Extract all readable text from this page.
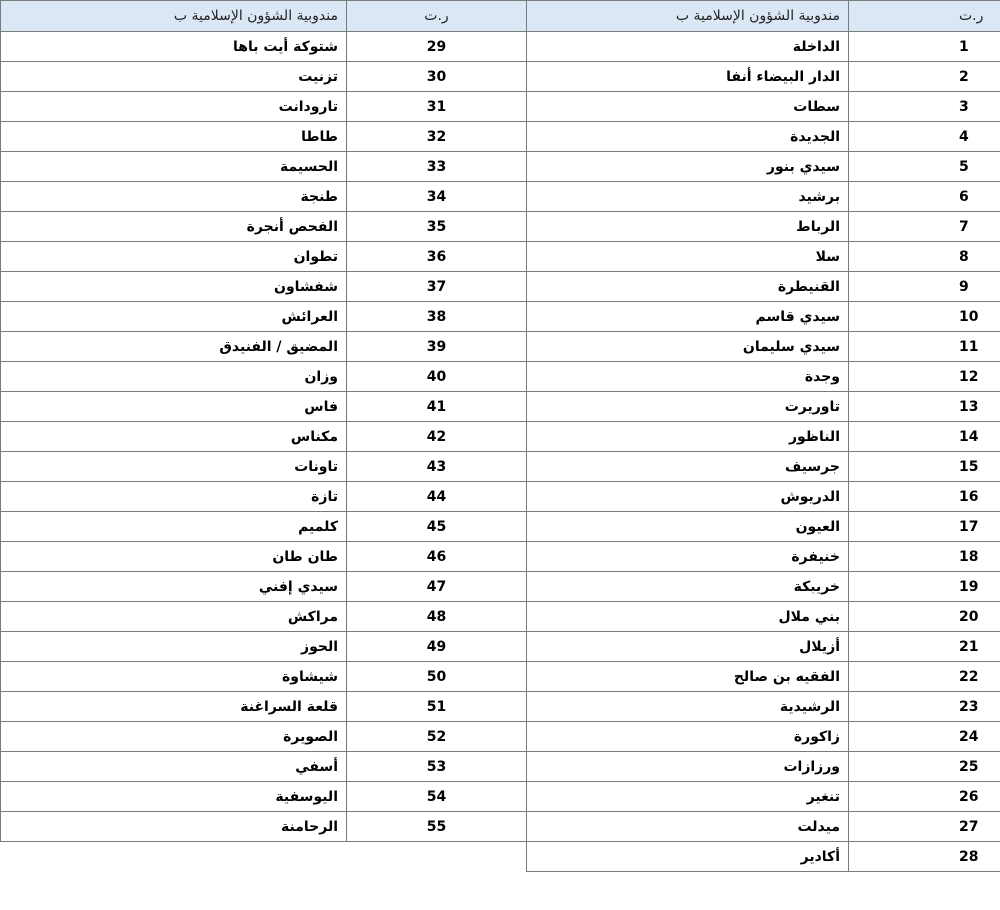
مندوبية الشؤون الإسلامية ب	ر.ت
الداخلة	1
الدار البيضاء أنفا	2
سطات	3
الجديدة	4
سيدي بنور	5
برشيد	6
الرباط	7
سلا	8
القنيطرة	9
سيدي قاسم	10
سيدي سليمان	11
وجدة	12
تاوريرت	13
الناظور	14
جرسيف	15
الدريوش	16
العيون	17
خنيفرة	18
خريبكة	19
بني ملال	20
أزيلال	21
الفقيه بن صالح	22
الرشيدية	23
زاكورة	24
ورزازات	25
تنغير	26
ميدلت	27
أكادير	28
مندوبية الشؤون الإسلامية ب	ر.ت
شتوكة أيت باها	29
تزنيت	30
تارودانت	31
طاطا	32
الحسيمة	33
طنجة	34
الفحص أنجرة	35
تطوان	36
شفشاون	37
العرائش	38
المضيق / الفنيدق	39
وزان	40
فاس	41
مكناس	42
تاونات	43
تازة	44
كلميم	45
طان طان	46
سيدي إفني	47
مراكش	48
الحوز	49
شيشاوة	50
قلعة السراغنة	51
الصويرة	52
أسفي	53
اليوسفية	54
الرحامنة	55
